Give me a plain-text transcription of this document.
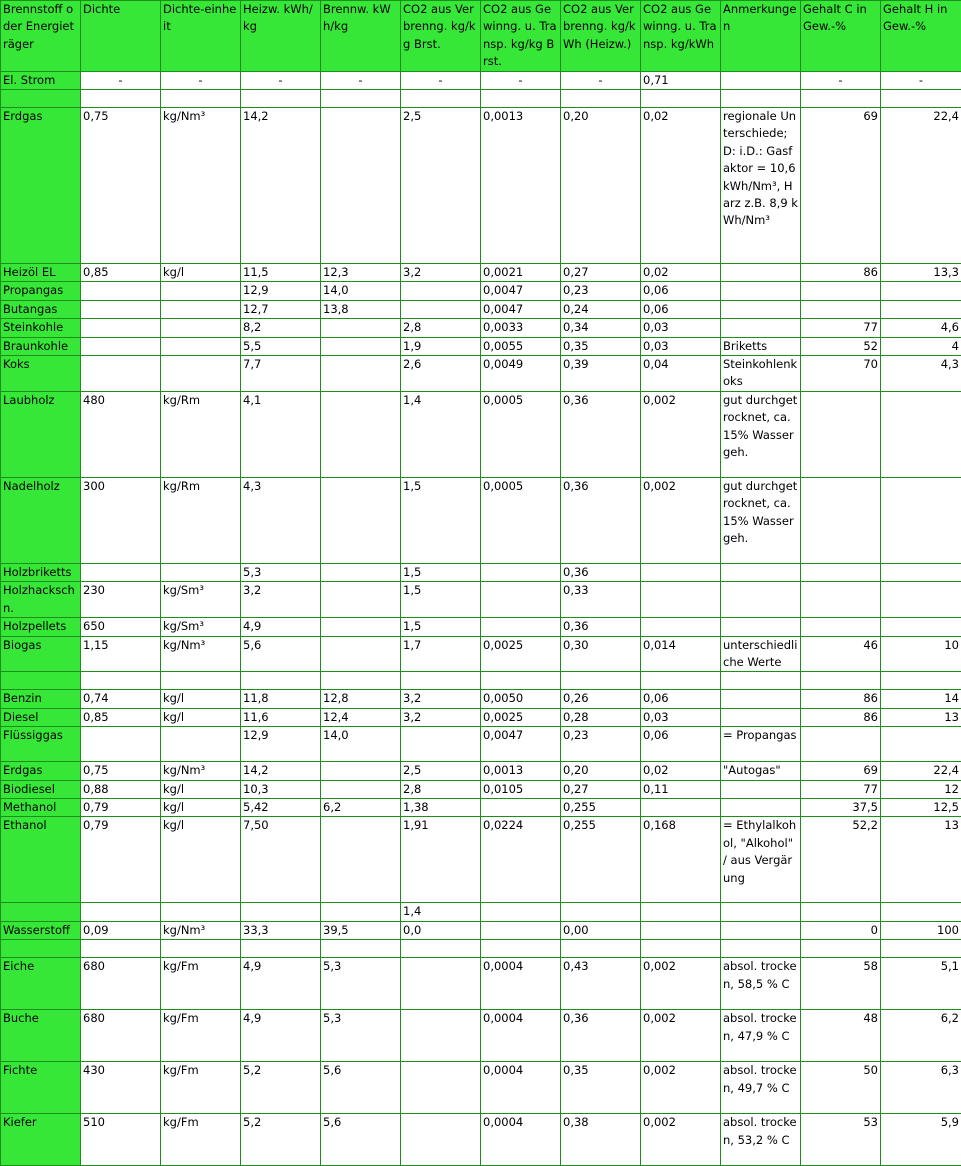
Brennstoff oder Energieträger	Dichte	Dichte-einheit	Heizw. kWh/kg	Brennw. kWh/kg	CO2 aus Verbrenng. kg/kg Brst.	CO2 aus Gewinng. u. Transp. kg/kg Brst.	CO2 aus Verbrenng. kg/kWh (Heizw.)	CO2 aus Gewinng. u. Transp. kg/kWh	Anmerkungen	Gehalt C in Gew.-%	Gehalt H in Gew.-%
El. Strom	-	-	-	-	-	-	-	0,71		-	-

Erdgas	0,75	kg/Nm³	14,2		2,5	0,0013	0,20	0,02	regionale Unterschiede; D: i.D.: Gasfaktor = 10,6 kWh/Nm³, Harz z.B. 8,9 kWh/Nm³	69	22,4
Heizöl EL	0,85	kg/l	11,5	12,3	3,2	0,0021	0,27	0,02		86	13,3
Propangas			12,9	14,0		0,0047	0,23	0,06			
Butangas			12,7	13,8		0,0047	0,24	0,06			
Steinkohle			8,2		2,8	0,0033	0,34	0,03		77	4,6
Braunkohle			5,5		1,9	0,0055	0,35	0,03	Briketts	52	4
Koks			7,7		2,6	0,0049	0,39	0,04	Steinkohlenkoks	70	4,3
Laubholz	480	kg/Rm	4,1		1,4	0,0005	0,36	0,002	gut durchgetrocknet, ca. 15% Wassergeh.		
Nadelholz	300	kg/Rm	4,3		1,5	0,0005	0,36	0,002	gut durchgetrocknet, ca. 15% Wassergeh.		
Holzbriketts			5,3		1,5		0,36				
Holzhacksch n.	230	kg/Sm³	3,2		1,5		0,33				
Holzpellets	650	kg/Sm³	4,9		1,5		0,36				
Biogas	1,15	kg/Nm³	5,6		1,7	0,0025	0,30	0,014	unterschiedliche Werte	46	10

Benzin	0,74	kg/l	11,8	12,8	3,2	0,0050	0,26	0,06		86	14
Diesel	0,85	kg/l	11,6	12,4	3,2	0,0025	0,28	0,03		86	13
Flüssiggas			12,9	14,0		0,0047	0,23	0,06	= Propangas		
Erdgas	0,75	kg/Nm³	14,2		2,5	0,0013	0,20	0,02	"Autogas"	69	22,4
Biodiesel	0,88	kg/l	10,3		2,8	0,0105	0,27	0,11		77	12
Methanol	0,79	kg/l	5,42	6,2	1,38		0,255			37,5	12,5
Ethanol	0,79	kg/l	7,50		1,91	0,0224	0,255	0,168	= Ethylalkohol, "Alkohol" / aus Vergärung	52,2	13
					1,4						
Wasserstoff	0,09	kg/Nm³	33,3	39,5	0,0		0,00			0	100

Eiche	680	kg/Fm	4,9	5,3		0,0004	0,43	0,002	absol. trocken, 58,5 % C	58	5,1
Buche	680	kg/Fm	4,9	5,3		0,0004	0,36	0,002	absol. trocken, 47,9 % C	48	6,2
Fichte	430	kg/Fm	5,2	5,6		0,0004	0,35	0,002	absol. trocken, 49,7 % C	50	6,3
Kiefer	510	kg/Fm	5,2	5,6		0,0004	0,38	0,002	absol. trocken, 53,2 % C	53	5,9
